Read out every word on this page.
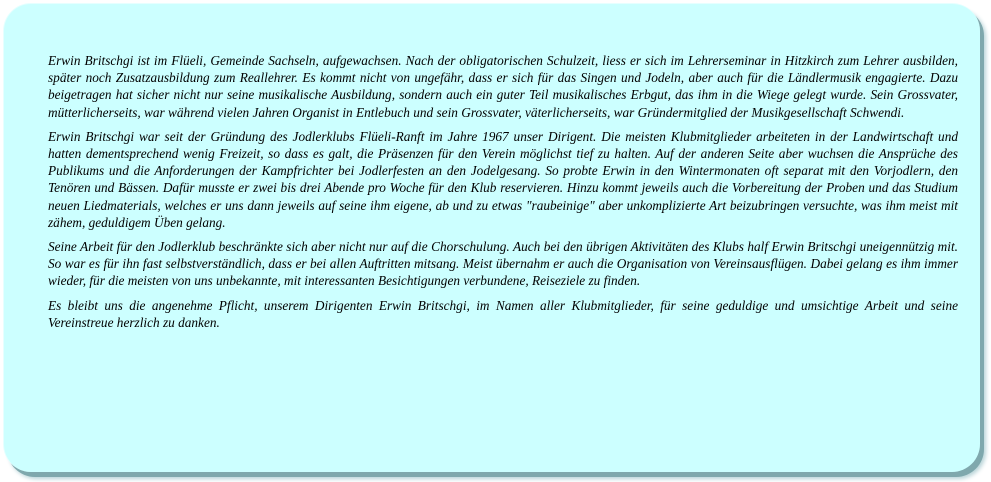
Erwin Britschgi ist im Flüeli, Gemeinde Sachseln, aufgewachsen. Nach der obligatorischen Schulzeit, liess er sich im Lehrerseminar in Hitzkirch zum Lehrer ausbilden, später noch Zusatzausbildung zum Reallehrer. Es kommt nicht von ungefähr, dass er sich für das Singen und Jodeln, aber auch für die Ländlermusik engagierte. Dazu beigetragen hat sicher nicht nur seine musikalische Ausbildung, sondern auch ein guter Teil musikalisches Erbgut, das ihm in die Wiege gelegt wurde. Sein Grossvater, mütterlicherseits, war während vielen Jahren Organist in Entlebuch und sein Grossvater, väterlicherseits, war Gründermitglied der Musikgesellschaft Schwendi.

Erwin Britschgi war seit der Gründung des Jodlerklubs Flüeli-Ranft im Jahre 1967 unser Dirigent. Die meisten Klubmitglieder arbeiteten in der Landwirtschaft und hatten dementsprechend wenig Freizeit, so dass es galt, die Präsenzen für den Verein möglichst tief zu halten. Auf der anderen Seite aber wuchsen die Ansprüche des Publikums und die Anforderungen der Kampfrichter bei Jodlerfesten an den Jodelgesang. So probte Erwin in den Wintermonaten oft separat mit den Vorjodlern, den Tenören und Bässen. Dafür musste er zwei bis drei Abende pro Woche für den Klub reservieren. Hinzu kommt jeweils auch die Vorbereitung der Proben und das Studium neuen Liedmaterials, welches er uns dann jeweils auf seine ihm eigene, ab und zu etwas "raubeinige" aber unkomplizierte Art beizubringen versuchte, was ihm meist mit zähem, geduldigem Üben gelang.

Seine Arbeit für den Jodlerklub beschränkte sich aber nicht nur auf die Chorschulung. Auch bei den übrigen Aktivitäten des Klubs half Erwin Britschgi uneigennützig mit. So war es für ihn fast selbstverständlich, dass er bei allen Auftritten mitsang. Meist übernahm er auch die Organisation von Vereinsausflügen. Dabei gelang es ihm immer wieder, für die meisten von uns unbekannte, mit interessanten Besichtigungen verbundene, Reiseziele zu finden.

Es bleibt uns die angenehme Pflicht, unserem Dirigenten Erwin Britschgi, im Namen aller Klubmitglieder, für seine geduldige und umsichtige Arbeit und seine Vereinstreue herzlich zu danken.
